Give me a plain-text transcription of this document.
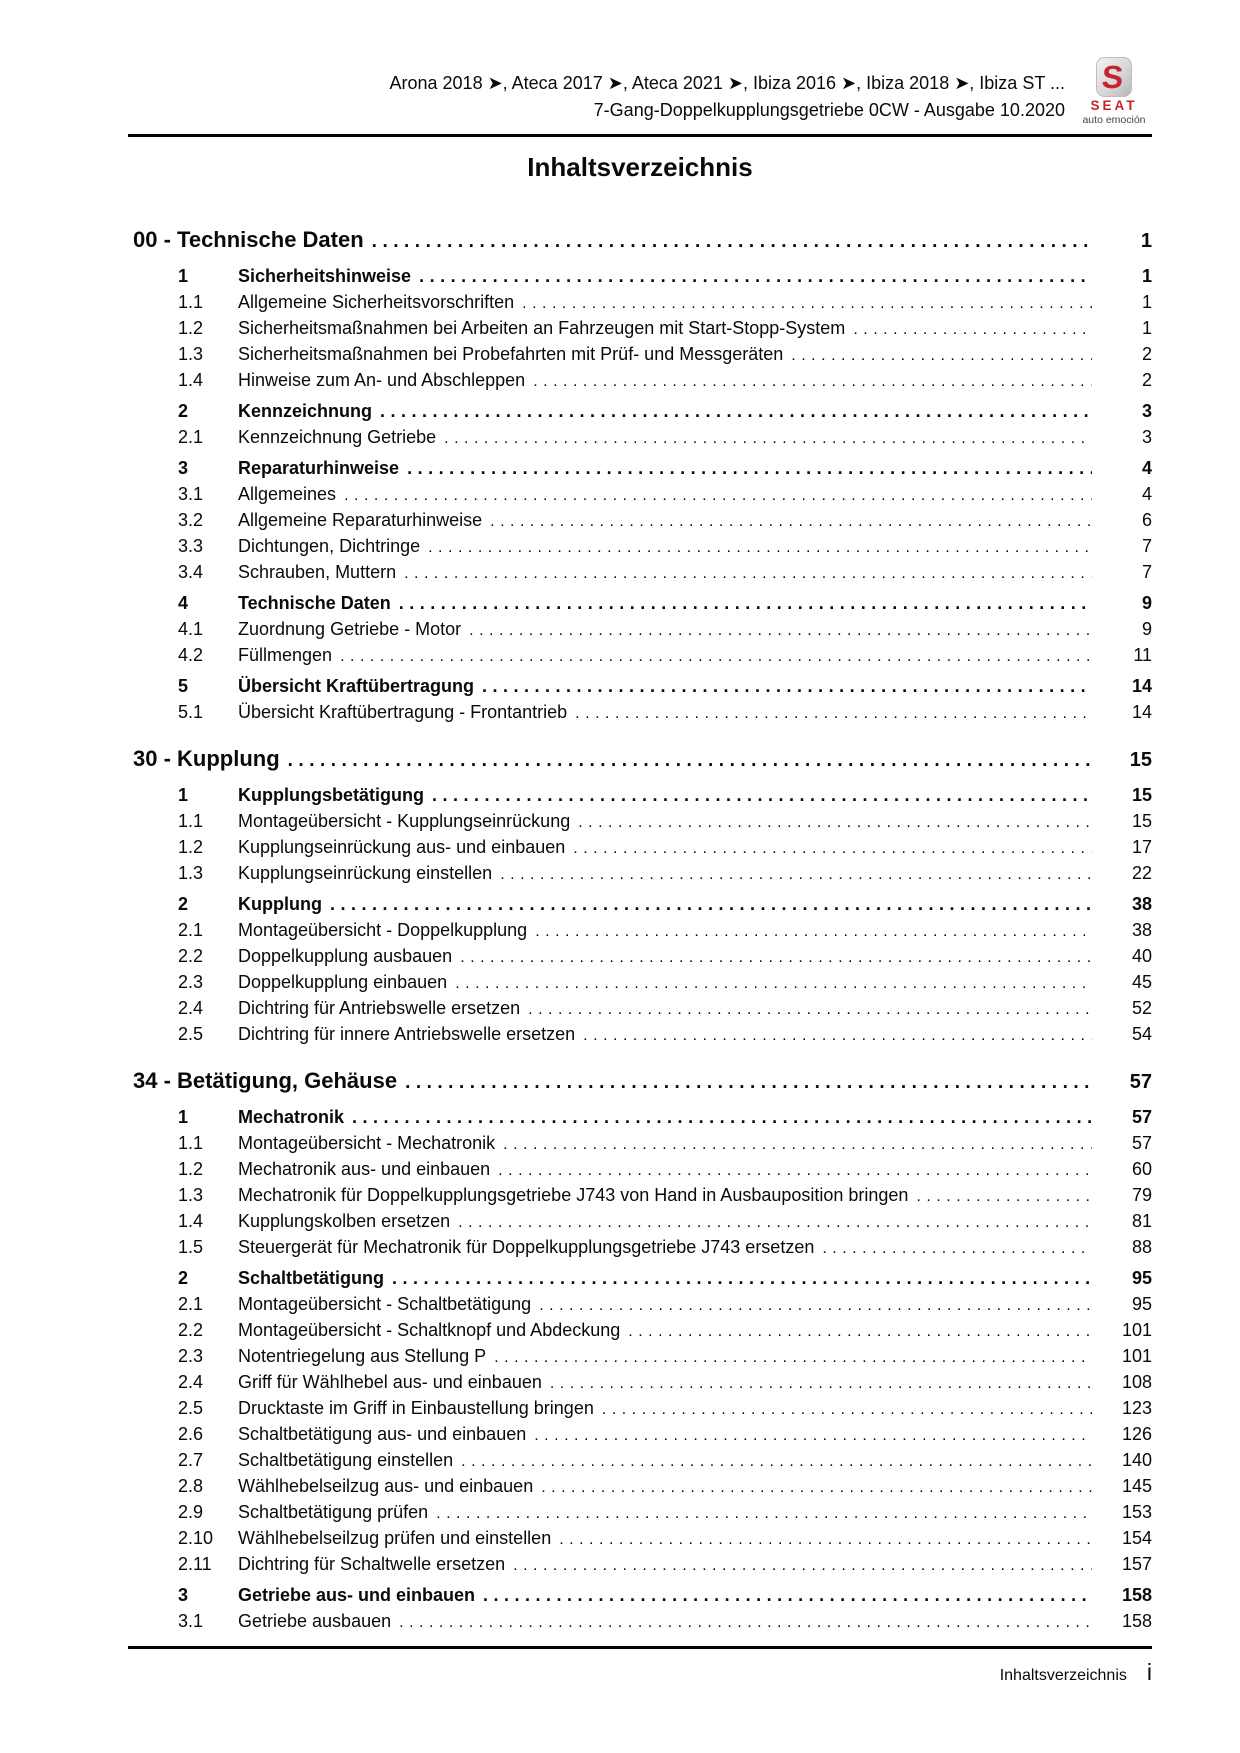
Arona 2018 ➤, Ateca 2017 ➤, Ateca 2021 ➤, Ibiza 2016 ➤, Ibiza 2018 ➤, Ibiza ST ...
7-Gang-Doppelkupplungsgetriebe 0CW - Ausgabe 10.2020
S
SEAT
auto emoción
Inhaltsverzeichnis
00 - Technische Daten .....	1
1	Sicherheitshinweise .....	1
1.1	Allgemeine Sicherheitsvorschriften .....	1
1.2	Sicherheitsmaßnahmen bei Arbeiten an Fahrzeugen mit Start-Stopp-System .....	1
1.3	Sicherheitsmaßnahmen bei Probefahrten mit Prüf- und Messgeräten .....	2
1.4	Hinweise zum An- und Abschleppen .....	2
2	Kennzeichnung .....	3
2.1	Kennzeichnung Getriebe .....	3
3	Reparaturhinweise .....	4
3.1	Allgemeines .....	4
3.2	Allgemeine Reparaturhinweise .....	6
3.3	Dichtungen, Dichtringe .....	7
3.4	Schrauben, Muttern .....	7
4	Technische Daten .....	9
4.1	Zuordnung Getriebe - Motor .....	9
4.2	Füllmengen .....	11
5	Übersicht Kraftübertragung .....	14
5.1	Übersicht Kraftübertragung - Frontantrieb .....	14
30 - Kupplung .....	15
1	Kupplungsbetätigung .....	15
1.1	Montageübersicht - Kupplungseinrückung .....	15
1.2	Kupplungseinrückung aus- und einbauen .....	17
1.3	Kupplungseinrückung einstellen .....	22
2	Kupplung .....	38
2.1	Montageübersicht - Doppelkupplung .....	38
2.2	Doppelkupplung ausbauen .....	40
2.3	Doppelkupplung einbauen .....	45
2.4	Dichtring für Antriebswelle ersetzen .....	52
2.5	Dichtring für innere Antriebswelle ersetzen .....	54
34 - Betätigung, Gehäuse .....	57
1	Mechatronik .....	57
1.1	Montageübersicht - Mechatronik .....	57
1.2	Mechatronik aus- und einbauen .....	60
1.3	Mechatronik für Doppelkupplungsgetriebe J743 von Hand in Ausbauposition bringen .....	79
1.4	Kupplungskolben ersetzen .....	81
1.5	Steuergerät für Mechatronik für Doppelkupplungsgetriebe J743 ersetzen .....	88
2	Schaltbetätigung .....	95
2.1	Montageübersicht - Schaltbetätigung .....	95
2.2	Montageübersicht - Schaltknopf und Abdeckung .....	101
2.3	Notentriegelung aus Stellung P .....	101
2.4	Griff für Wählhebel aus- und einbauen .....	108
2.5	Drucktaste im Griff in Einbaustellung bringen .....	123
2.6	Schaltbetätigung aus- und einbauen .....	126
2.7	Schaltbetätigung einstellen .....	140
2.8	Wählhebelseilzug aus- und einbauen .....	145
2.9	Schaltbetätigung prüfen .....	153
2.10	Wählhebelseilzug prüfen und einstellen .....	154
2.11	Dichtring für Schaltwelle ersetzen .....	157
3	Getriebe aus- und einbauen .....	158
3.1	Getriebe ausbauen .....	158
Inhaltsverzeichnis i
